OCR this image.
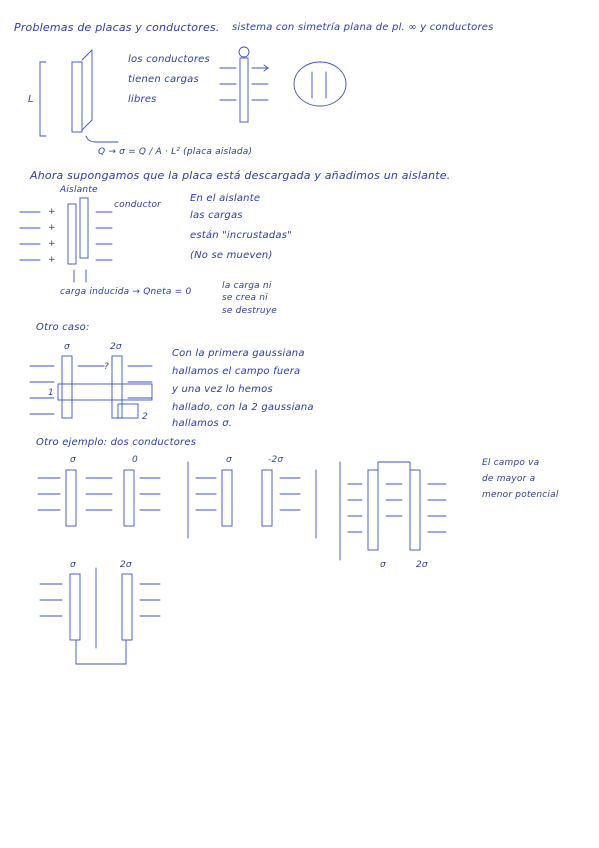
Problemas de placas y conductores. sistema con simetría plana de pl. ∞ y conductores
los conductores
tienen cargas
libres
L
Q → σ = Q / A · L² (placa aislada)
Ahora supongamos que la placa está descargada y añadimos un aislante.
Aislante
conductor
En el aislante
las cargas
están "incrustadas"
(No se mueven)
carga inducida → Qneta = 0
la carga ni
se crea ni
se destruye
Otro caso:
σ	2σ
Con la primera gaussiana
hallamos el campo fuera
y una vez lo hemos
hallado, con la 2 gaussiana
hallamos σ.
1
2
?
Otro ejemplo: dos conductores
σ	0	σ	-2σ
σ	2σ
El campo va
de mayor a
menor potencial
σ	2σ
+
+
+
+
